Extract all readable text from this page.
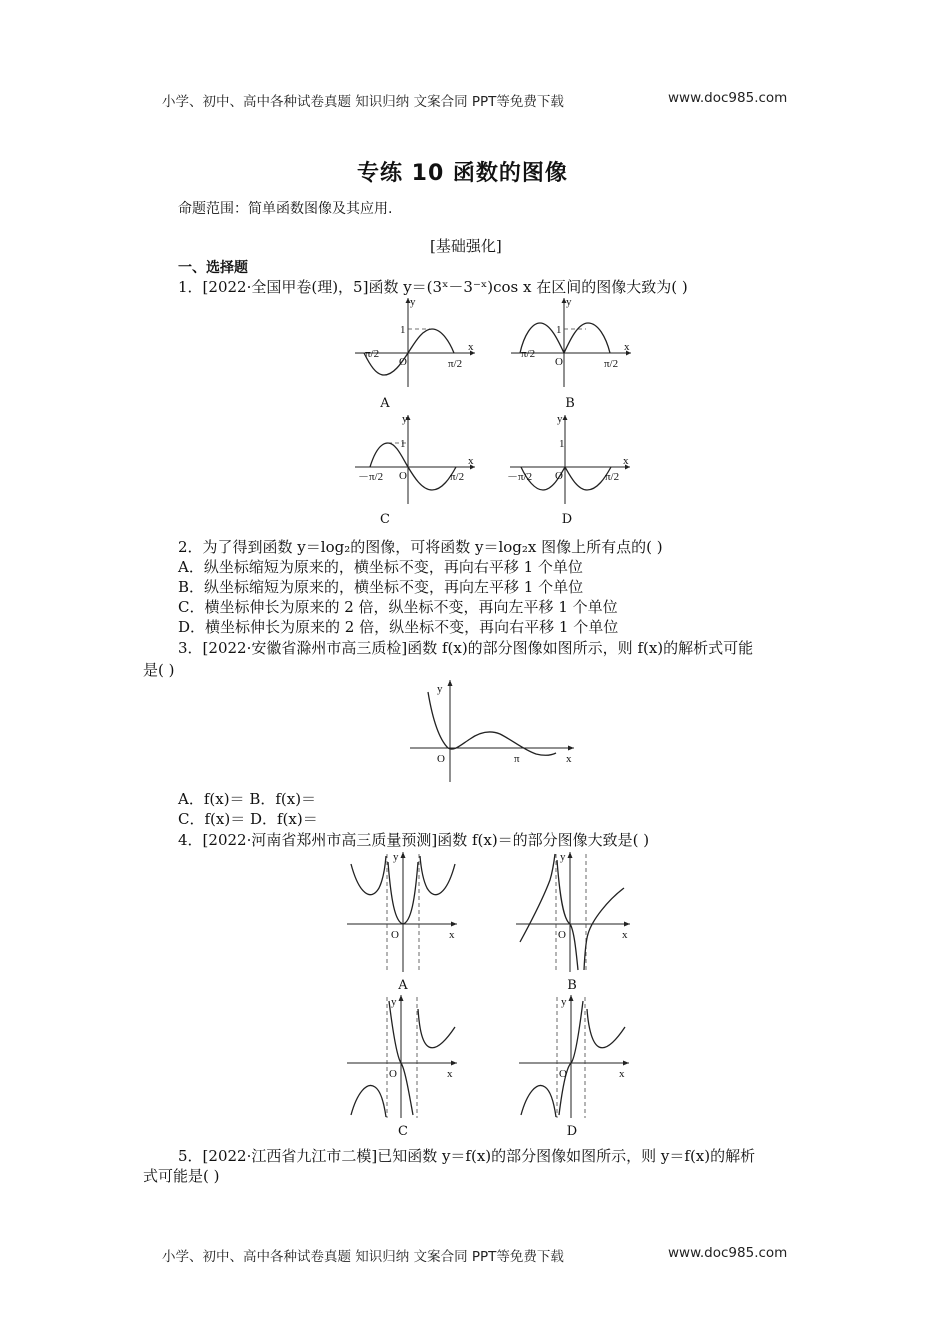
小学、初中、高中各种试卷真题 知识归纳 文案合同 PPT等免费下载	www.doc985.com
专练 10 函数的图像
命题范围：简单函数图像及其应用.
[基础强化]
一、选择题
1．[2022·全国甲卷(理)，5]函数 y＝(3ˣ－3⁻ˣ)cos x 在区间的图像大致为( )
x
y
O
1
－π/2
π/2
A
x
y
O
1
－π/2
π/2
B
x
y
O
1
－π/2	π/2
C
x
y
O
1
－π/2	π/2
D
2．为了得到函数 y＝log₂的图像，可将函数 y＝log₂x 图像上所有点的( )
A．纵坐标缩短为原来的，横坐标不变，再向右平移 1 个单位
B．纵坐标缩短为原来的，横坐标不变，再向左平移 1 个单位
C．横坐标伸长为原来的 2 倍，纵坐标不变，再向左平移 1 个单位
D．横坐标伸长为原来的 2 倍，纵坐标不变，再向右平移 1 个单位
3．[2022·安徽省滁州市高三质检]函数 f(x)的部分图像如图所示，则 f(x)的解析式可能
是( )
x
y
O	π
A．f(x)＝ B．f(x)＝
C．f(x)＝ D．f(x)＝
4．[2022·河南省郑州市高三质量预测]函数 f(x)＝的部分图像大致是( )
x
y
O
A
x
y
O
B
x
y
O
C
x
y
O
D
5．[2022·江西省九江市二模]已知函数 y＝f(x)的部分图像如图所示，则 y＝f(x)的解析
式可能是( )
小学、初中、高中各种试卷真题 知识归纳 文案合同 PPT等免费下载	www.doc985.com
